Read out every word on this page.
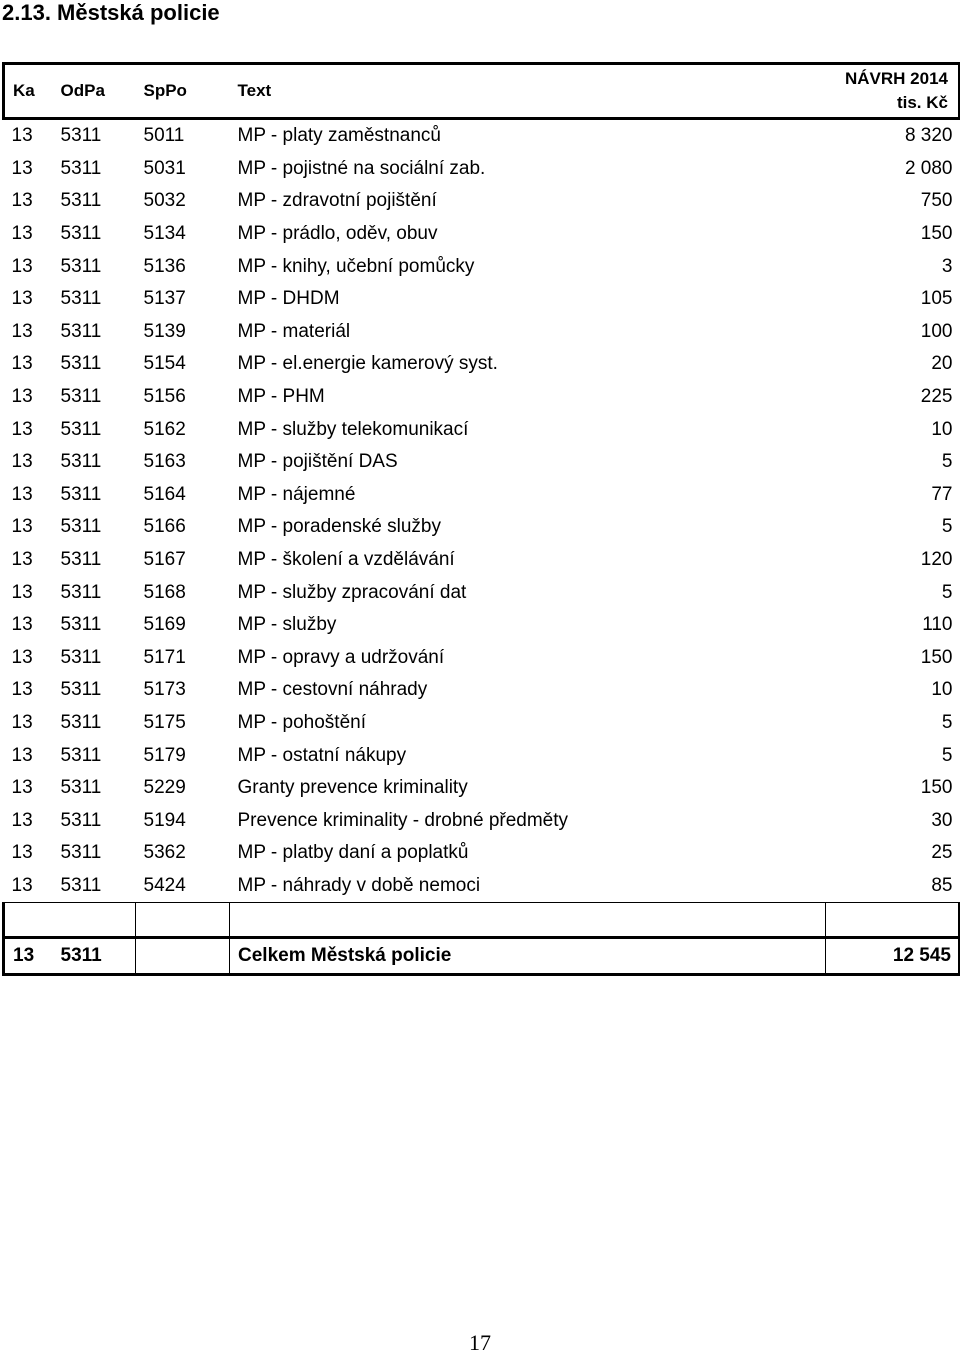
2.13. Městská policie
Ka	OdPa	SpPo	Text	NÁVRH 2014
tis. Kč
13	5311	5011	MP - platy zaměstnanců	8 320
13	5311	5031	MP - pojistné na sociální zab.	2 080
13	5311	5032	MP - zdravotní pojištění	750
13	5311	5134	MP - prádlo, oděv, obuv	150
13	5311	5136	MP - knihy, učební pomůcky	3
13	5311	5137	MP - DHDM	105
13	5311	5139	MP - materiál	100
13	5311	5154	MP - el.energie kamerový syst.	20
13	5311	5156	MP - PHM	225
13	5311	5162	MP - služby telekomunikací	10
13	5311	5163	MP - pojištění DAS	5
13	5311	5164	MP - nájemné	77
13	5311	5166	MP - poradenské služby	5
13	5311	5167	MP - školení a vzdělávání	120
13	5311	5168	MP - služby zpracování dat	5
13	5311	5169	MP - služby	110
13	5311	5171	MP - opravy a udržování	150
13	5311	5173	MP - cestovní náhrady	10
13	5311	5175	MP - pohoštění	5
13	5311	5179	MP - ostatní nákupy	5
13	5311	5229	Granty prevence kriminality	150
13	5311	5194	Prevence kriminality - drobné předměty	30
13	5311	5362	MP - platby daní a poplatků	25
13	5311	5424	MP - náhrady v době nemoci	85

13	5311		Celkem Městská policie	12 545
17
